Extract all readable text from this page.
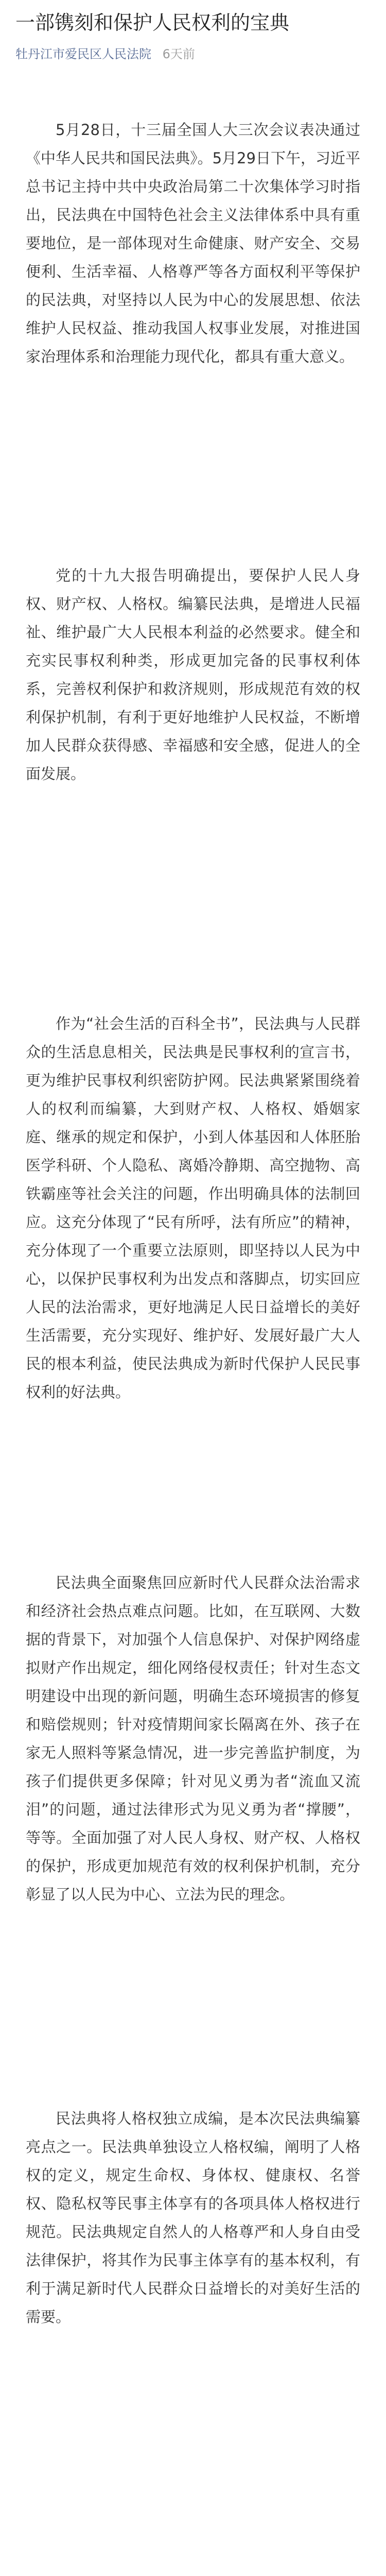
一部镌刻和保护人民权利的宝典
牡丹江市爱民区人民法院 6天前

5月28日，十三届全国人大三次会议表决通过《中华人民共和国民法典》。5月29日下午，习近平总书记主持中共中央政治局第二十次集体学习时指出，民法典在中国特色社会主义法律体系中具有重要地位，是一部体现对生命健康、财产安全、交易便利、生活幸福、人格尊严等各方面权利平等保护的民法典，对坚持以人民为中心的发展思想、依法维护人民权益、推动我国人权事业发展，对推进国家治理体系和治理能力现代化，都具有重大意义。

党的十九大报告明确提出，要保护人民人身权、财产权、人格权。编纂民法典，是增进人民福祉、维护最广大人民根本利益的必然要求。健全和充实民事权利种类，形成更加完备的民事权利体系，完善权利保护和救济规则，形成规范有效的权利保护机制，有利于更好地维护人民权益，不断增加人民群众获得感、幸福感和安全感，促进人的全面发展。

作为“社会生活的百科全书”，民法典与人民群众的生活息息相关，民法典是民事权利的宣言书，更为维护民事权利织密防护网。民法典紧紧围绕着人的权利而编纂，大到财产权、人格权、婚姻家庭、继承的规定和保护，小到人体基因和人体胚胎医学科研、个人隐私、离婚冷静期、高空抛物、高铁霸座等社会关注的问题，作出明确具体的法制回应。这充分体现了“民有所呼，法有所应”的精神，充分体现了一个重要立法原则，即坚持以人民为中心，以保护民事权利为出发点和落脚点，切实回应人民的法治需求，更好地满足人民日益增长的美好生活需要，充分实现好、维护好、发展好最广大人民的根本利益，使民法典成为新时代保护人民民事权利的好法典。

民法典全面聚焦回应新时代人民群众法治需求和经济社会热点难点问题。比如，在互联网、大数据的背景下，对加强个人信息保护、对保护网络虚拟财产作出规定，细化网络侵权责任；针对生态文明建设中出现的新问题，明确生态环境损害的修复和赔偿规则；针对疫情期间家长隔离在外、孩子在家无人照料等紧急情况，进一步完善监护制度，为孩子们提供更多保障；针对见义勇为者“流血又流泪”的问题，通过法律形式为见义勇为者“撑腰”，等等。全面加强了对人民人身权、财产权、人格权的保护，形成更加规范有效的权利保护机制，充分彰显了以人民为中心、立法为民的理念。

民法典将人格权独立成编，是本次民法典编纂亮点之一。民法典单独设立人格权编，阐明了人格权的定义，规定生命权、身体权、健康权、名誉权、隐私权等民事主体享有的各项具体人格权进行规范。民法典规定自然人的人格尊严和人身自由受法律保护，将其作为民事主体享有的基本权利，有利于满足新时代人民群众日益增长的对美好生活的需要。
